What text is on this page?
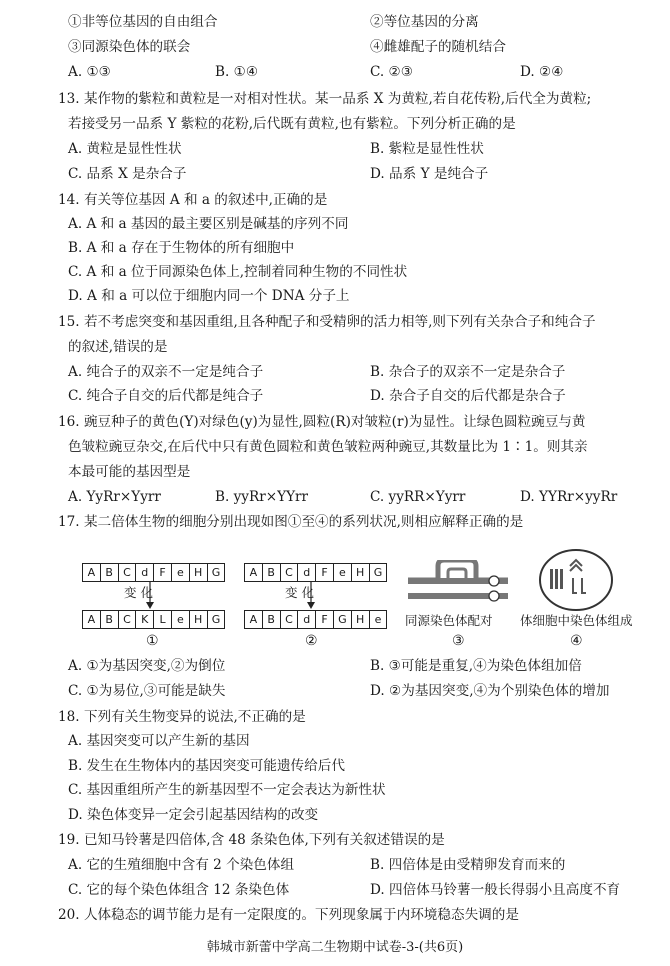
①非等位基因的自由组合	②等位基因的分离
③同源染色体的联会	④雌雄配子的随机结合
A. ①③	B. ①④	C. ②③	D. ②④
13. 某作物的紫粒和黄粒是一对相对性状。某一品系 X 为黄粒,若自花传粉,后代全为黄粒;
若接受另一品系 Y 紫粒的花粉,后代既有黄粒,也有紫粒。下列分析正确的是
A. 黄粒是显性性状	B. 紫粒是显性性状
C. 品系 X 是杂合子	D. 品系 Y 是纯合子
14. 有关等位基因 A 和 a 的叙述中,正确的是
A. A 和 a 基因的最主要区别是碱基的序列不同
B. A 和 a 存在于生物体的所有细胞中
C. A 和 a 位于同源染色体上,控制着同种生物的不同性状
D. A 和 a 可以位于细胞内同一个 DNA 分子上
15. 若不考虑突变和基因重组,且各种配子和受精卵的活力相等,则下列有关杂合子和纯合子
的叙述,错误的是
A. 纯合子的双亲不一定是纯合子	B. 杂合子的双亲不一定是杂合子
C. 纯合子自交的后代都是纯合子	D. 杂合子自交的后代都是杂合子
16. 豌豆种子的黄色(Y)对绿色(y)为显性,圆粒(R)对皱粒(r)为显性。让绿色圆粒豌豆与黄
色皱粒豌豆杂交,在后代中只有黄色圆粒和黄色皱粒两种豌豆,其数量比为 1∶1。则其亲
本最可能的基因型是
A. YyRr×Yyrr	B. yyRr×YYrr	C. yyRR×Yyrr	D. YYRr×yyRr
17. 某二倍体生物的细胞分别出现如图①至④的系列状况,则相应解释正确的是
A B C d	F	e H G
变 化
A B C K	L	e H G
①
A B C d	F	e H G
变 化
A B C d	F G H e
②
同源染色体配对
③
体细胞中染色体组成
④
A. ①为基因突变,②为倒位	B. ③可能是重复,④为染色体组加倍
C. ①为易位,③可能是缺失	D. ②为基因突变,④为个别染色体的增加
18. 下列有关生物变异的说法,不正确的是
A. 基因突变可以产生新的基因
B. 发生在生物体内的基因突变可能遗传给后代
C. 基因重组所产生的新基因型不一定会表达为新性状
D. 染色体变异一定会引起基因结构的改变
19. 已知马铃薯是四倍体,含 48 条染色体,下列有关叙述错误的是
A. 它的生殖细胞中含有 2 个染色体组	B. 四倍体是由受精卵发育而来的
C. 它的每个染色体组含 12 条染色体	D. 四倍体马铃薯一般长得弱小且高度不育
20. 人体稳态的调节能力是有一定限度的。下列现象属于内环境稳态失调的是
韩城市新蕾中学高二生物期中试卷-3-(共6页)
